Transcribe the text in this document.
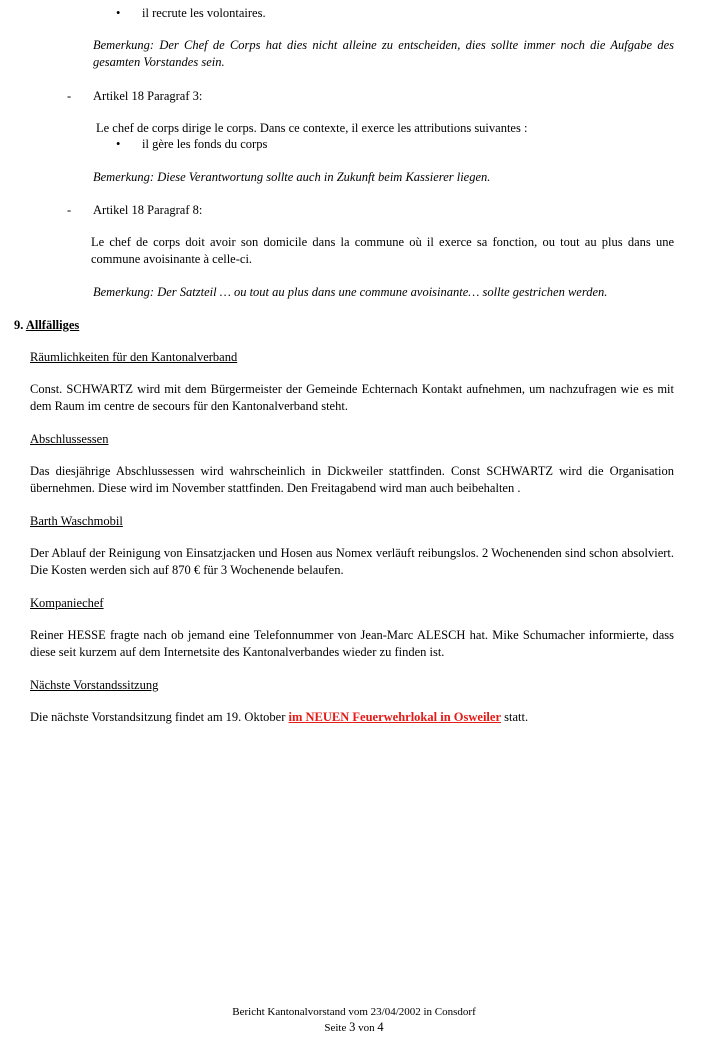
• il recrute les volontaires.
Bemerkung: Der Chef de Corps hat dies nicht alleine zu entscheiden, dies sollte immer noch die Aufgabe des gesamten Vorstandes sein.
- Artikel 18 Paragraf 3:
Le chef de corps dirige le corps. Dans ce contexte, il exerce les attributions suivantes :
• il gère les fonds du corps
Bemerkung: Diese Verantwortung sollte auch in Zukunft beim Kassierer liegen.
- Artikel 18 Paragraf 8:
Le chef de corps doit avoir son domicile dans la commune où il exerce sa fonction, ou tout au plus dans une commune avoisinante à celle-ci.
Bemerkung: Der Satzteil … ou tout au plus dans une commune avoisinante… sollte gestrichen werden.
9. Allfälliges
Räumlichkeiten für den Kantonalverband
Const. SCHWARTZ wird mit dem Bürgermeister der Gemeinde Echternach Kontakt aufnehmen, um nachzufragen wie es mit dem Raum im centre de secours für den Kantonalverband steht.
Abschlussessen
Das diesjährige Abschlussessen wird wahrscheinlich in Dickweiler stattfinden. Const SCHWARTZ wird die Organisation übernehmen. Diese wird im November stattfinden. Den Freitagabend wird man auch beibehalten .
Barth Waschmobil
Der Ablauf der Reinigung von Einsatzjacken und Hosen aus Nomex verläuft reibungslos. 2 Wochenenden sind schon absolviert. Die Kosten werden sich auf 870 € für 3 Wochenende belaufen.
Kompaniechef
Reiner HESSE fragte nach ob jemand eine Telefonnummer von Jean-Marc ALESCH hat. Mike Schumacher informierte, dass diese seit kurzem auf dem Internetsite des Kantonalverbandes wieder zu finden ist.
Nächste Vorstandssitzung
Die nächste Vorstandsitzung findet am 19. Oktober im NEUEN Feuerwehrlokal in Osweiler statt.
Bericht Kantonalvorstand vom 23/04/2002 in Consdorf
Seite 3 von 4
